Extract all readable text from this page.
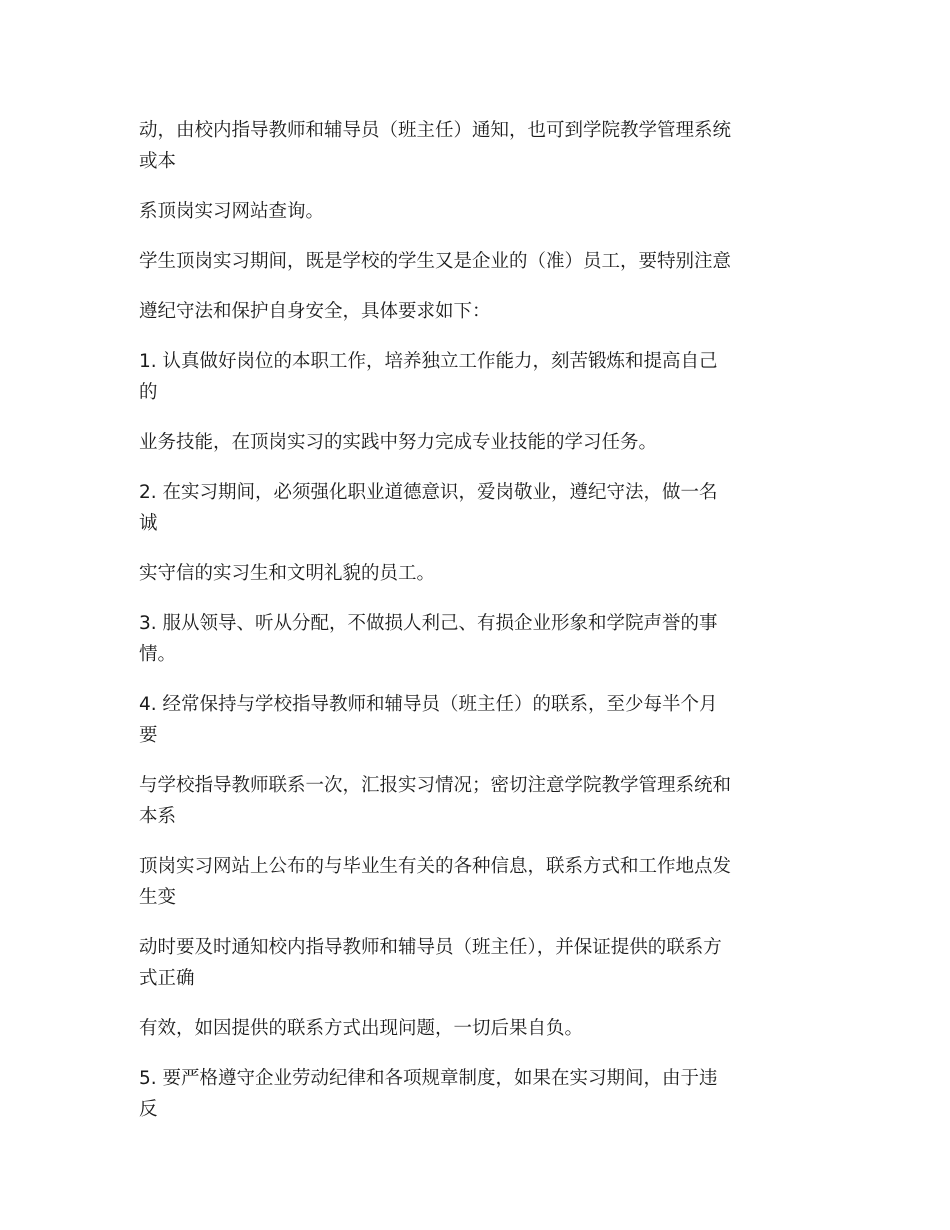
动，由校内指导教师和辅导员（班主任）通知，也可到学院教学管理系统
或本

系顶岗实习网站查询。

学生顶岗实习期间，既是学校的学生又是企业的（准）员工，要特别注意

遵纪守法和保护自身安全，具体要求如下：

1. 认真做好岗位的本职工作，培养独立工作能力，刻苦锻炼和提高自己
的

业务技能，在顶岗实习的实践中努力完成专业技能的学习任务。

2. 在实习期间，必须强化职业道德意识，爱岗敬业，遵纪守法，做一名
诚

实守信的实习生和文明礼貌的员工。

3. 服从领导、听从分配，不做损人利己、有损企业形象和学院声誉的事
情。

4. 经常保持与学校指导教师和辅导员（班主任）的联系，至少每半个月
要

与学校指导教师联系一次，汇报实习情况；密切注意学院教学管理系统和
本系

顶岗实习网站上公布的与毕业生有关的各种信息，联系方式和工作地点发
生变

动时要及时通知校内指导教师和辅导员（班主任），并保证提供的联系方
式正确

有效，如因提供的联系方式出现问题，一切后果自负。

5. 要严格遵守企业劳动纪律和各项规章制度，如果在实习期间，由于违
反
